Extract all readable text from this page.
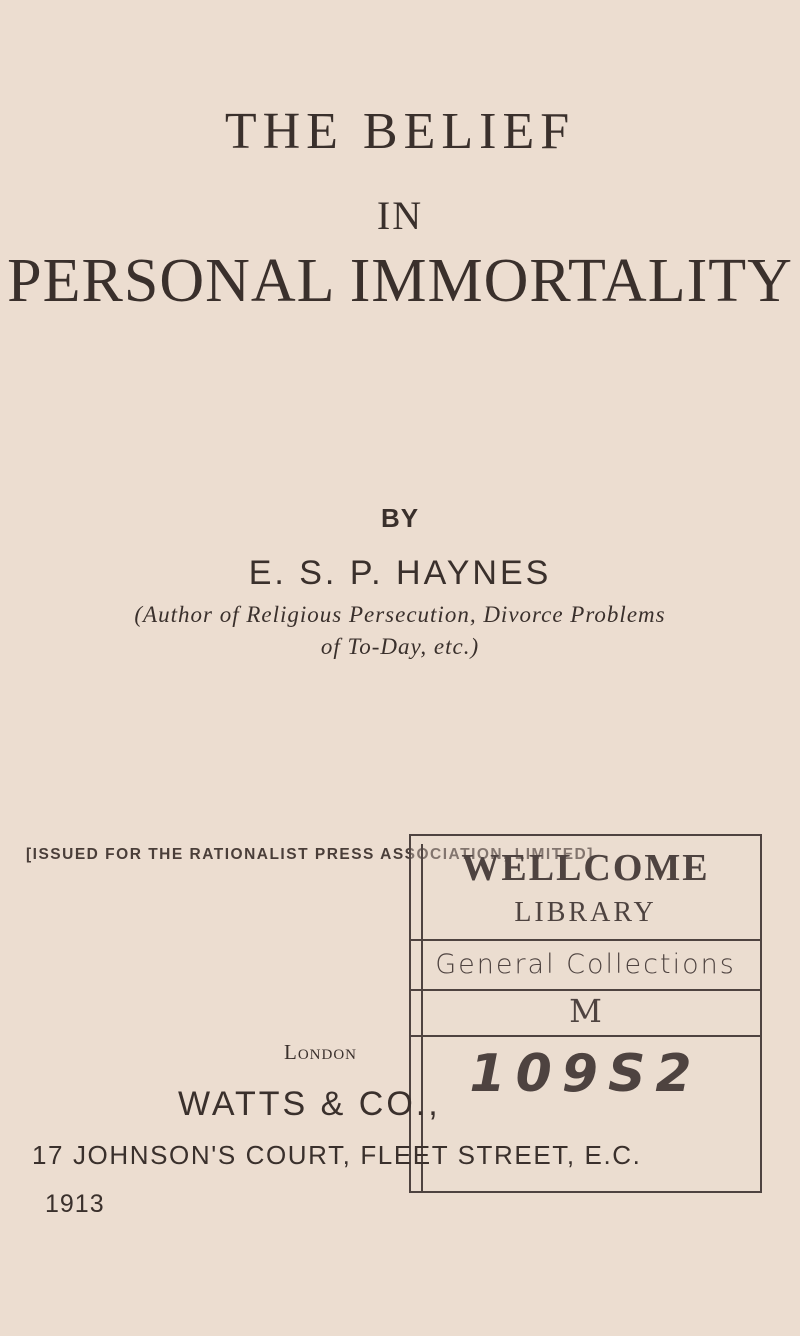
THE BELIEF
IN
PERSONAL IMMORTALITY
BY
E. S. P. HAYNES
(Author of Religious Persecution, Divorce Problems
of To-Day, etc.)
[ISSUED FOR THE RATIONALIST PRESS ASSOCIATION, LIMITED]
WELLCOME
LIBRARY
General Collections
M
109S2
London
WATTS & CO.,
17 JOHNSON'S COURT, FLEET STREET, E.C.
1913
